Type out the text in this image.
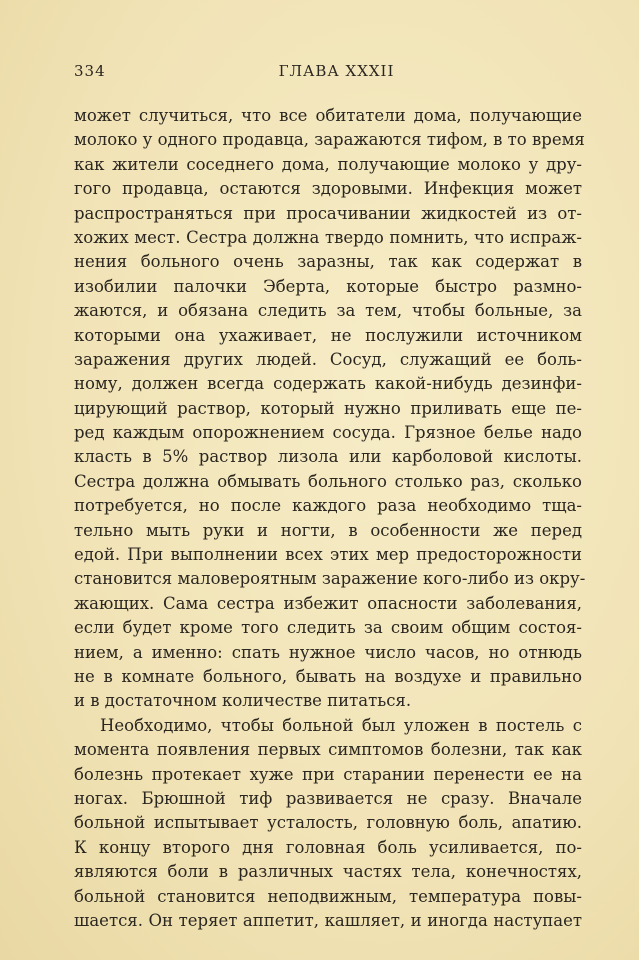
334	ГЛАВА XXXII
может случиться, что все обитатели дома, получающие
молоко у одного продавца, заражаются тифом, в то время
как жители соседнего дома, получающие молоко у дру-
гого продавца, остаются здоровыми. Инфекция может
распространяться при просачивании жидкостей из от-
хожих мест. Сестра должна твердо помнить, что испраж-
нения больного очень заразны, так как содержат в
изобилии палочки Эберта, которые быстро размно-
жаются, и обязана следить за тем, чтобы больные, за
которыми она ухаживает, не послужили источником
заражения других людей. Сосуд, служащий ее боль-
ному, должен всегда содержать какой-нибудь дезинфи-
цирующий раствор, который нужно приливать еще пе-
ред каждым опорожнением сосуда. Грязное белье надо
класть в 5% раствор лизола или карболовой кислоты.
Сестра должна обмывать больного столько раз, сколько
потребуется, но после каждого раза необходимо тща-
тельно мыть руки и ногти, в особенности же перед
едой. При выполнении всех этих мер предосторожности
становится маловероятным заражение кого-либо из окру-
жающих. Сама сестра избежит опасности заболевания,
если будет кроме того следить за своим общим состоя-
нием, а именно: спать нужное число часов, но отнюдь
не в комнате больного, бывать на воздухе и правильно
и в достаточном количестве питаться.
Необходимо, чтобы больной был уложен в постель с
момента появления первых симптомов болезни, так как
болезнь протекает хуже при старании перенести ее на
ногах. Брюшной тиф развивается не сразу. Вначале
больной испытывает усталость, головную боль, апатию.
К концу второго дня головная боль усиливается, по-
являются боли в различных частях тела, конечностях,
больной становится неподвижным, температура повы-
шается. Он теряет аппетит, кашляет, и иногда наступает
